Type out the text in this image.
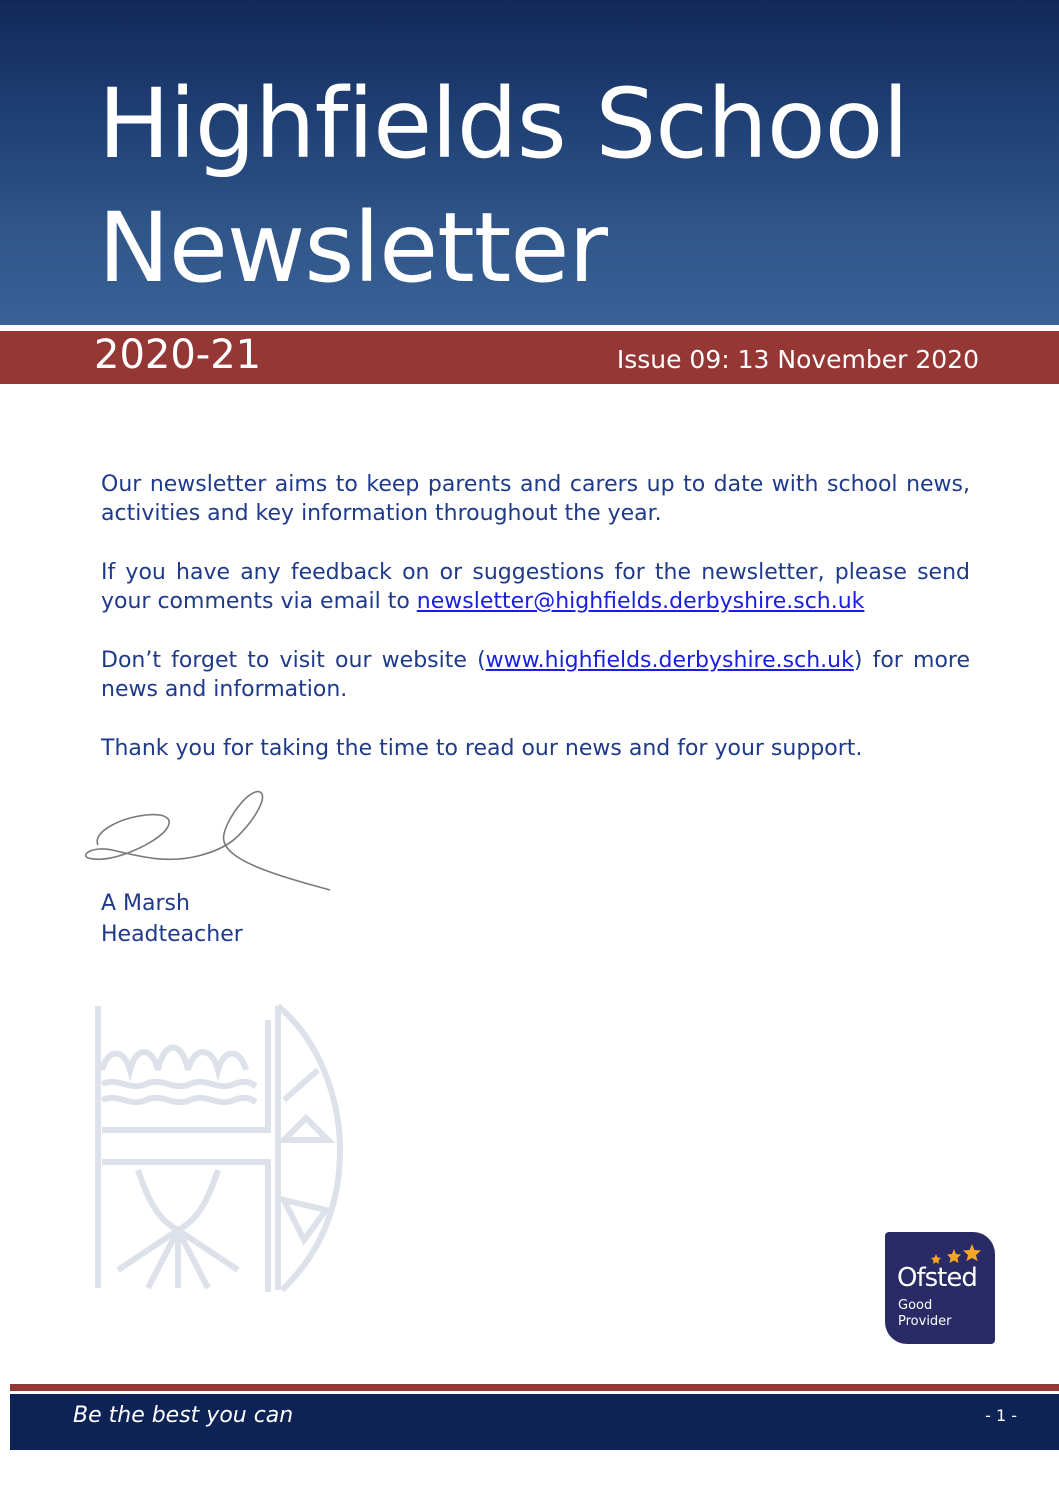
Highfields School
Newsletter
2020-21	Issue 09: 13 November 2020

Our newsletter aims to keep parents and carers up to date with school news, activities and key information throughout the year.

If you have any feedback on or suggestions for the newsletter, please send your comments via email to newsletter@highfields.derbyshire.sch.uk

Don’t forget to visit our website (www.highfields.derbyshire.sch.uk) for more news and information.

Thank you for taking the time to read our news and for your support.

A Marsh
Headteacher
Ofsted
Good
Provider
Be the best you can	- 1 -
